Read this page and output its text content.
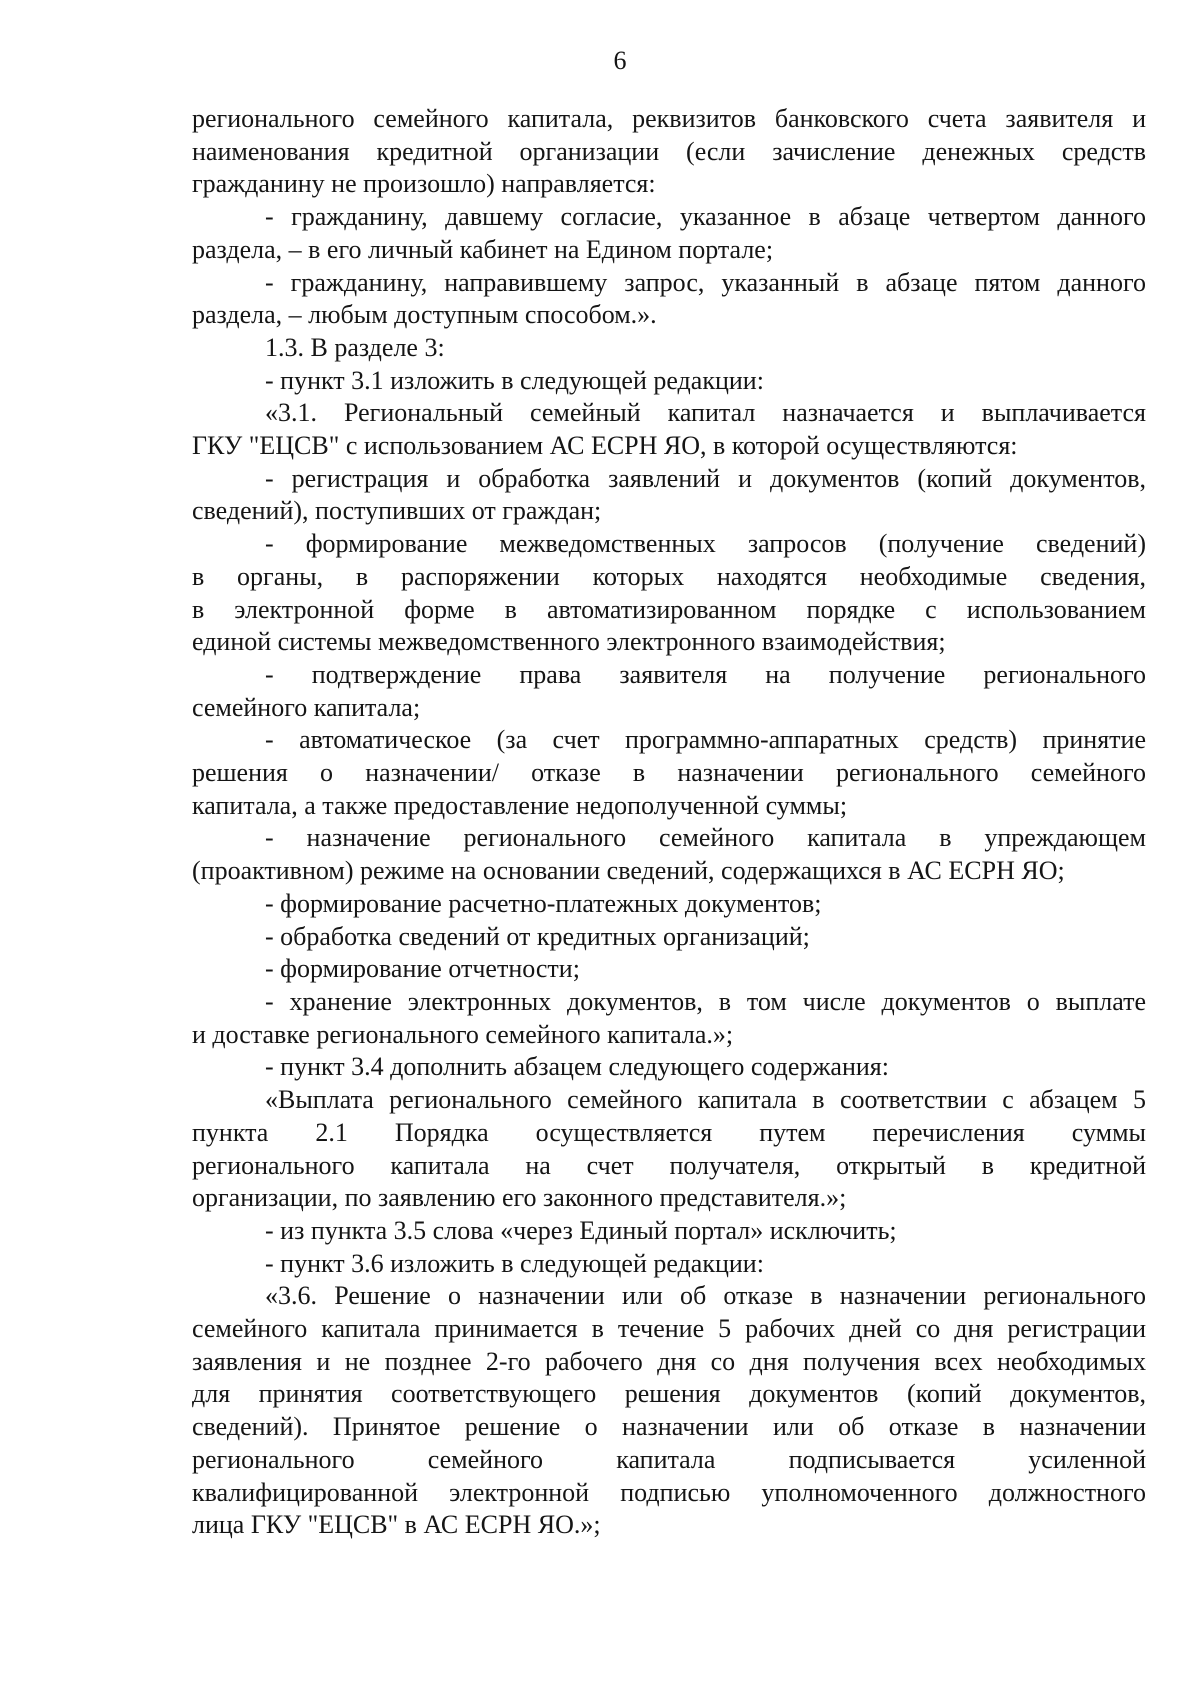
6
регионального семейного капитала, реквизитов банковского счета заявителя и
наименования кредитной организации (если зачисление денежных средств
гражданину не произошло) направляется:
- гражданину, давшему согласие, указанное в абзаце четвертом данного
раздела, – в его личный кабинет на Едином портале;
- гражданину, направившему запрос, указанный в абзаце пятом данного
раздела, – любым доступным способом.».
1.3. В разделе 3:
- пункт 3.1 изложить в следующей редакции:
«3.1. Региональный семейный капитал назначается и выплачивается
ГКУ "ЕЦСВ" с использованием АС ЕСРН ЯО, в которой осуществляются:
- регистрация и обработка заявлений и документов (копий документов,
сведений), поступивших от граждан;
- формирование межведомственных запросов (получение сведений)
в органы, в распоряжении которых находятся необходимые сведения,
в электронной форме в автоматизированном порядке с использованием
единой системы межведомственного электронного взаимодействия;
- подтверждение права заявителя на получение регионального
семейного капитала;
- автоматическое (за счет программно-аппаратных средств) принятие
решения о назначении/ отказе в назначении регионального семейного
капитала, а также предоставление недополученной суммы;
- назначение регионального семейного капитала в упреждающем
(проактивном) режиме на основании сведений, содержащихся в АС ЕСРН ЯО;
- формирование расчетно-платежных документов;
- обработка сведений от кредитных организаций;
- формирование отчетности;
- хранение электронных документов, в том числе документов о выплате
и доставке регионального семейного капитала.»;
- пункт 3.4 дополнить абзацем следующего содержания:
«Выплата регионального семейного капитала в соответствии с абзацем 5
пункта 2.1 Порядка осуществляется путем перечисления суммы
регионального капитала на счет получателя, открытый в кредитной
организации, по заявлению его законного представителя.»;
- из пункта 3.5 слова «через Единый портал» исключить;
- пункт 3.6 изложить в следующей редакции:
«3.6. Решение о назначении или об отказе в назначении регионального
семейного капитала принимается в течение 5 рабочих дней со дня регистрации
заявления и не позднее 2-го рабочего дня со дня получения всех необходимых
для принятия соответствующего решения документов (копий документов,
сведений). Принятое решение о назначении или об отказе в назначении
регионального семейного капитала подписывается усиленной
квалифицированной электронной подписью уполномоченного должностного
лица ГКУ "ЕЦСВ" в АС ЕСРН ЯО.»;
